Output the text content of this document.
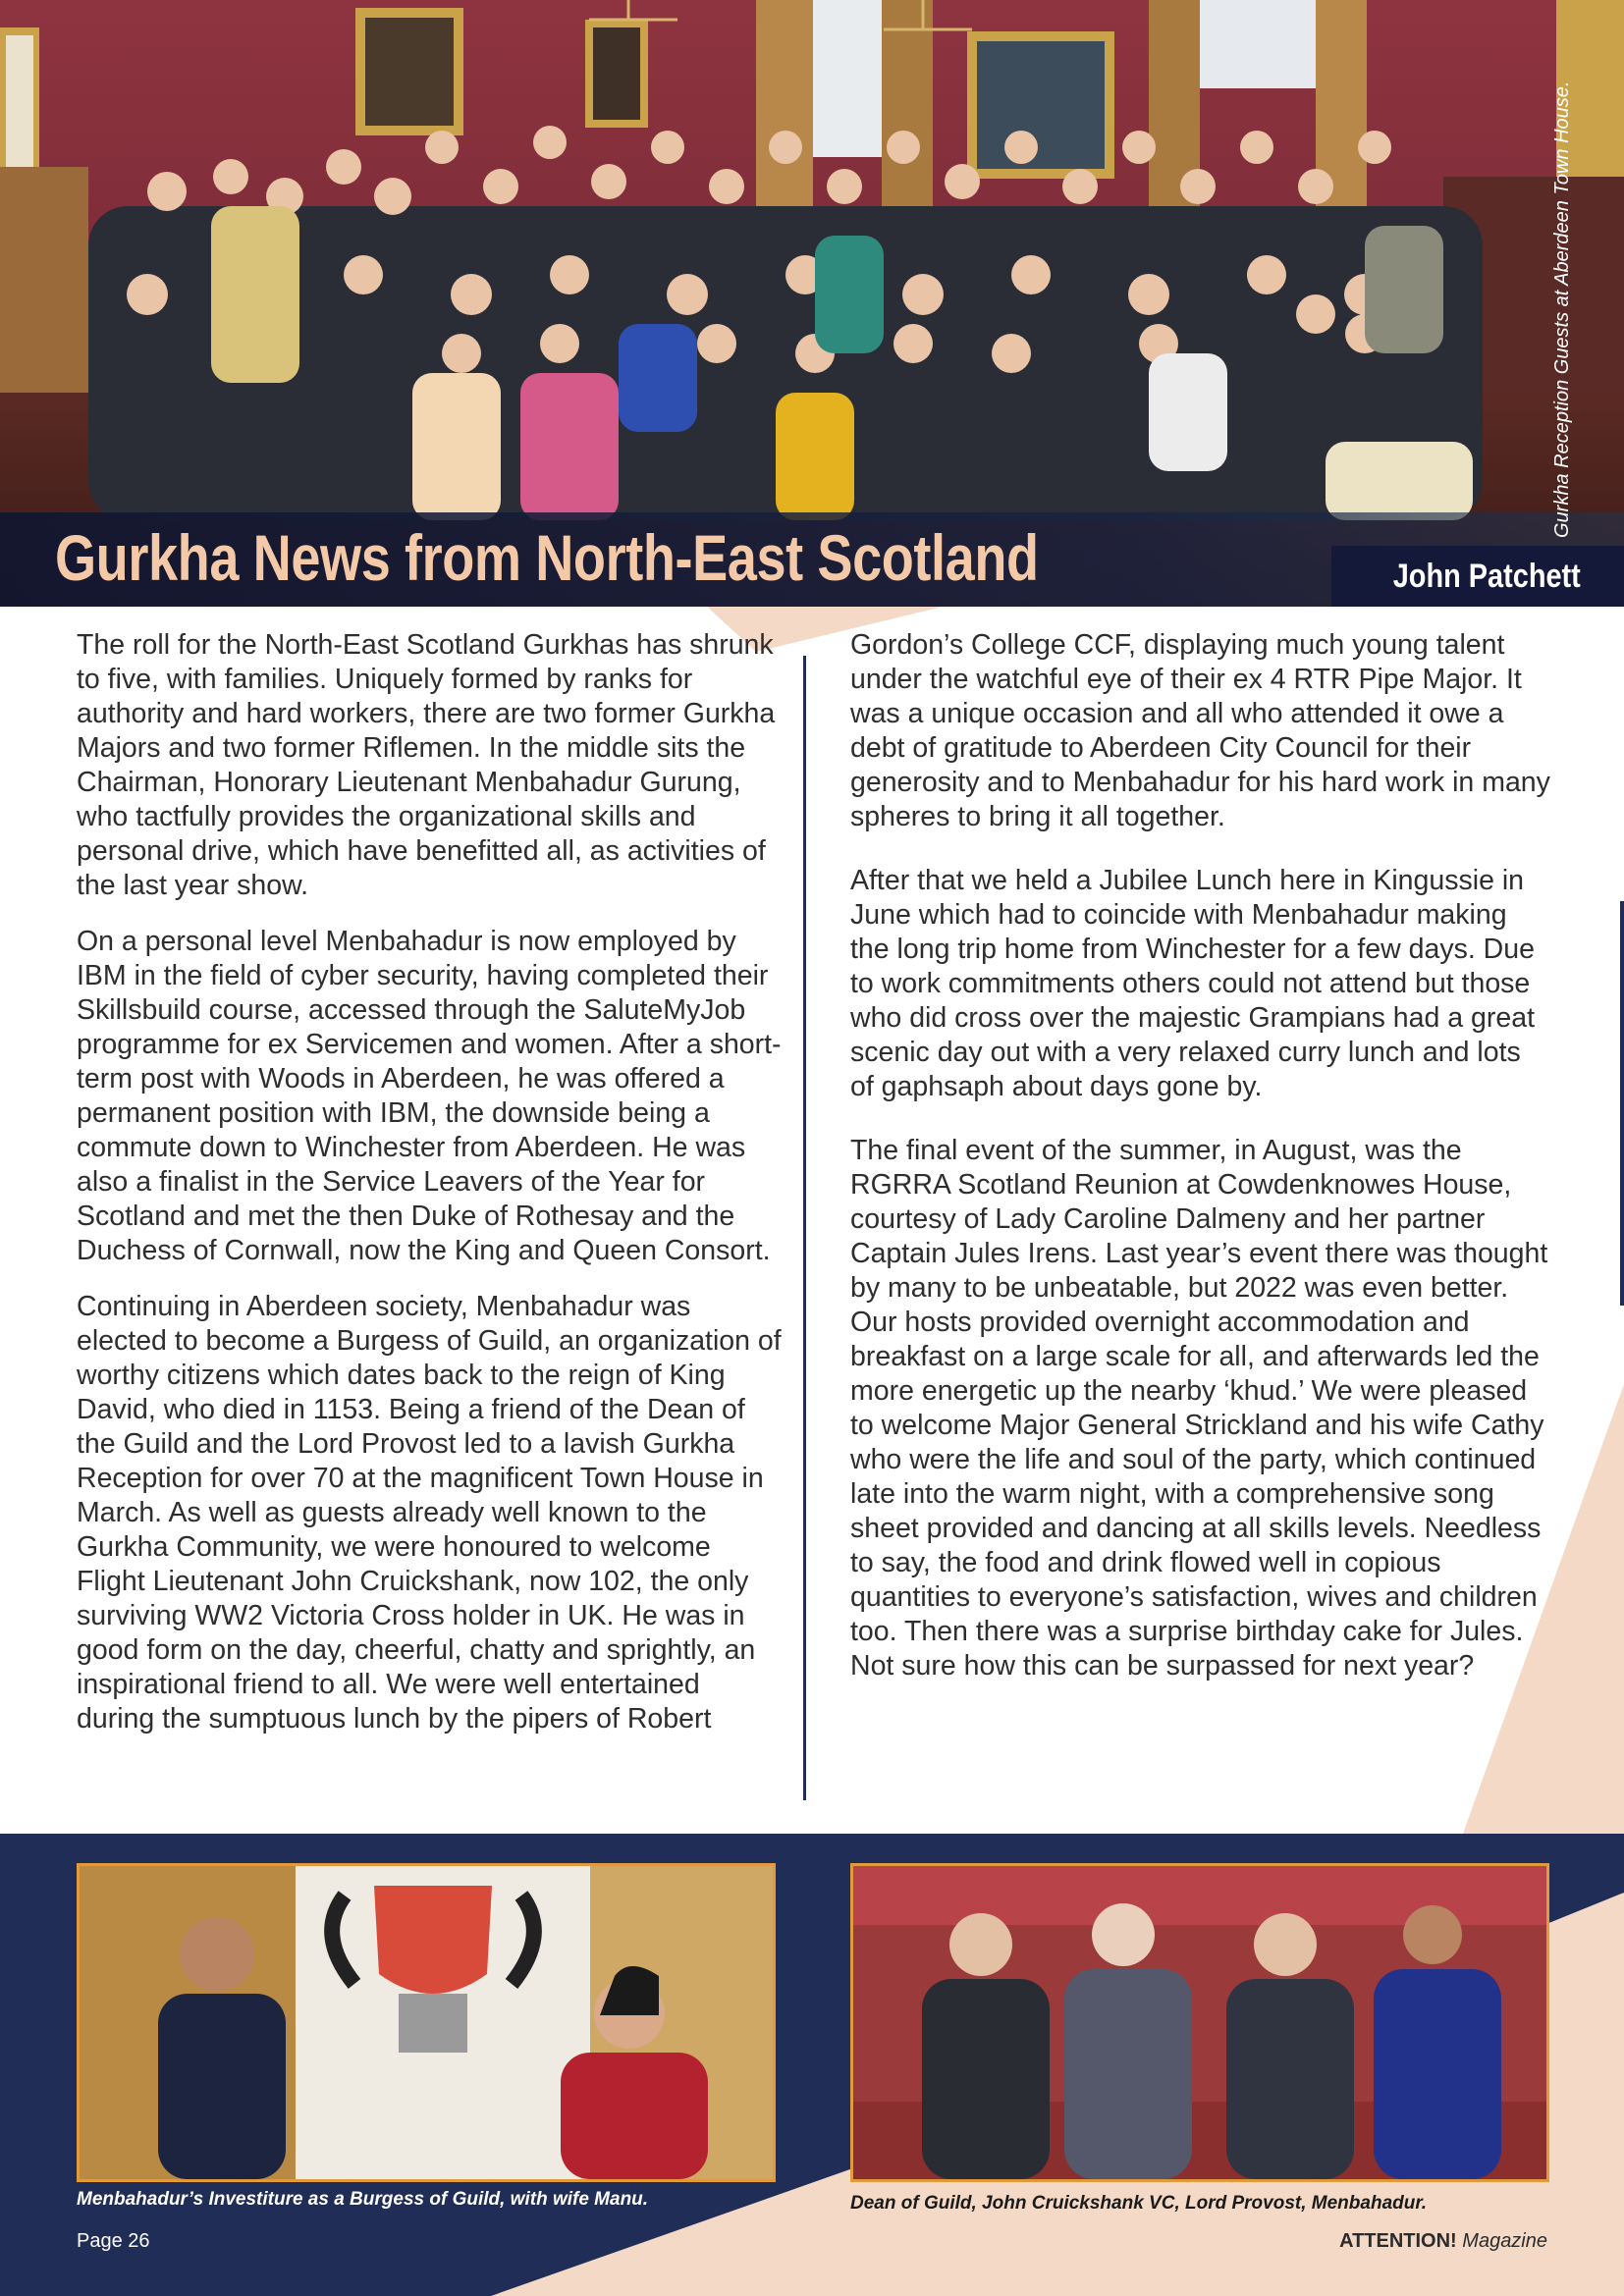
Gurkha News from North-East Scotland	John Patchett
Gurkha Reception Guests at Aberdeen Town House.

The roll for the North-East Scotland Gurkhas has shrunk to five, with families. Uniquely formed by ranks for authority and hard workers, there are two former Gurkha Majors and two former Riflemen. In the middle sits the Chairman, Honorary Lieutenant Menbahadur Gurung, who tactfully provides the organizational skills and personal drive, which have benefitted all, as activities of the last year show.

On a personal level Menbahadur is now employed by IBM in the field of cyber security, having completed their Skillsbuild course, accessed through the SaluteMyJob programme for ex Servicemen and women. After a short-term post with Woods in Aberdeen, he was offered a permanent position with IBM, the downside being a commute down to Winchester from Aberdeen. He was also a finalist in the Service Leavers of the Year for Scotland and met the then Duke of Rothesay and the Duchess of Cornwall, now the King and Queen Consort.

Continuing in Aberdeen society, Menbahadur was elected to become a Burgess of Guild, an organization of worthy citizens which dates back to the reign of King David, who died in 1153. Being a friend of the Dean of the Guild and the Lord Provost led to a lavish Gurkha Reception for over 70 at the magnificent Town House in March. As well as guests already well known to the Gurkha Community, we were honoured to welcome Flight Lieutenant John Cruickshank, now 102, the only surviving WW2 Victoria Cross holder in UK. He was in good form on the day, cheerful, chatty and sprightly, an inspirational friend to all. We were well entertained during the sumptuous lunch by the pipers of Robert

Gordon’s College CCF, displaying much young talent under the watchful eye of their ex 4 RTR Pipe Major. It was a unique occasion and all who attended it owe a debt of gratitude to Aberdeen City Council for their generosity and to Menbahadur for his hard work in many spheres to bring it all together.

After that we held a Jubilee Lunch here in Kingussie in June which had to coincide with Menbahadur making the long trip home from Winchester for a few days. Due to work commitments others could not attend but those who did cross over the majestic Grampians had a great scenic day out with a very relaxed curry lunch and lots of gaphsaph about days gone by.

The final event of the summer, in August, was the RGRRA Scotland Reunion at Cowdenknowes House, courtesy of Lady Caroline Dalmeny and her partner Captain Jules Irens. Last year’s event there was thought by many to be unbeatable, but 2022 was even better. Our hosts provided overnight accommodation and breakfast on a large scale for all, and afterwards led the more energetic up the nearby ‘khud.’ We were pleased to welcome Major General Strickland and his wife Cathy who were the life and soul of the party, which continued late into the warm night, with a comprehensive song sheet provided and dancing at all skills levels. Needless to say, the food and drink flowed well in copious quantities to everyone’s satisfaction, wives and children too. Then there was a surprise birthday cake for Jules. Not sure how this can be surpassed for next year?

Menbahadur’s Investiture as a Burgess of Guild, with wife Manu.	Dean of Guild, John Cruickshank VC, Lord Provost, Menbahadur.
Page 26	ATTENTION! Magazine
